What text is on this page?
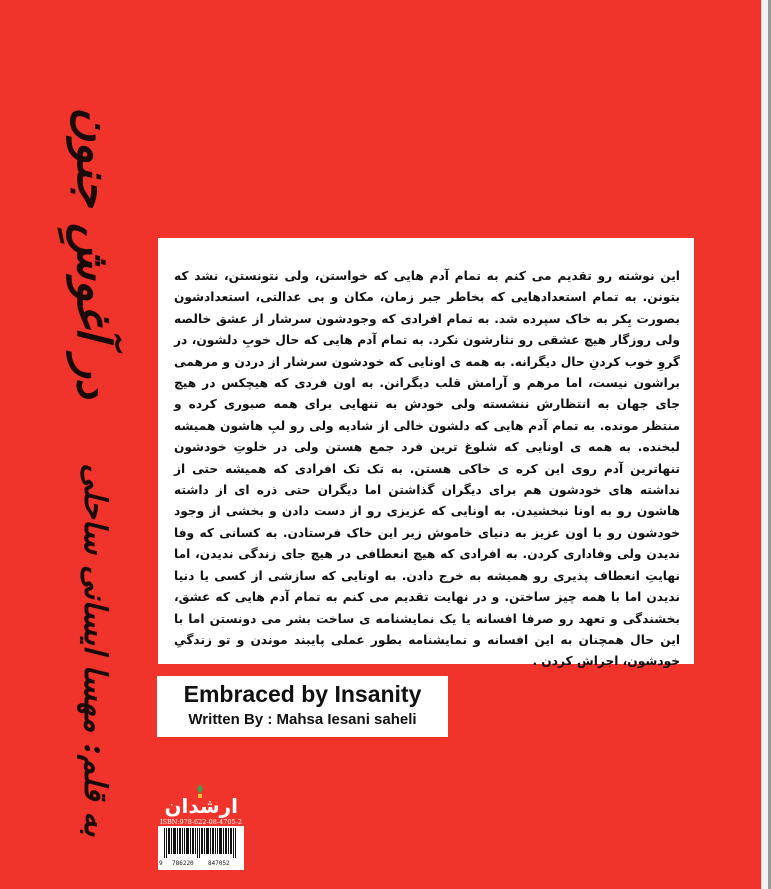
در آغوشِ جنون
به قلم: مهسا ایسانی ساحلی

این نوشته رو تقدیم می کنم به تمام آدم هایی که خواستن، ولی نتونستن، نشد که بتونن. به تمام استعدادهایی که بخاطر جبر زمان، مکان و بی عدالتی، استعدادشون بصورت بِکر به خاک سپرده شد. به تمام افرادی که وجودشون سرشار از عشق خالصه ولی روزگار هیچ عشقی رو نثارشون نکرد. به تمام آدم هایی که حال خوبِ دلشون، در گروِ خوب کردنِ حال دیگرانه. به همه ی اونایی که خودشون سرشار از دردن و مرهمی براشون نیست، اما مرهم و آرامش قلب دیگرانن. به اون فردی که هیچکس در هیچ جای جهان به انتظارش ننشسته ولی خودش به تنهایی برای همه صبوری کرده و منتظر مونده. به تمام آدم هایی که دلشون خالی از شادیه ولی رو لبِ هاشون همیشه لبخنده. به همه ی اونایی که شلوغ ترین فرد جمع هستن ولی در خلوتِ خودشون تنهاترین آدم روی این کره ی خاکی هستن. به تک تک افرادی که همیشه حتی از نداشته های خودشون هم برای دیگران گذاشتن اما دیگران حتی ذره ای از داشته هاشون رو به اونا نبخشیدن. به اونایی که عزیزی رو از دست دادن و بخشی از وجود خودشون رو با اون عزیز به دنیای خاموش زیر این خاک فرستادن. به کسانی که وفا ندیدن ولی وفاداری کردن. به افرادی که هیچ انعطافی در هیچ جای زندگی ندیدن، اما نهایتِ انعطاف پذیری رو همیشه به خرج دادن. به اونایی که سازشی از کسی یا دنیا ندیدن اما با همه چیز ساختن. و در نهایت تقدیم می کنم به تمام آدم هایی که عشق، بخشندگی و تعهد رو صرفا افسانه یا یک نمایشنامه ی ساخت بشر می دونستن اما با این حال همچنان به این افسانه و نمایشنامه بطور عملی پایبند موندن و تو زندگیِ خودشون، اجراش کردن .

Embraced by Insanity
Written By : Mahsa Iesani saheli
ارشدان
ISBN:978-622-08-4705-2
9 786220 847052
